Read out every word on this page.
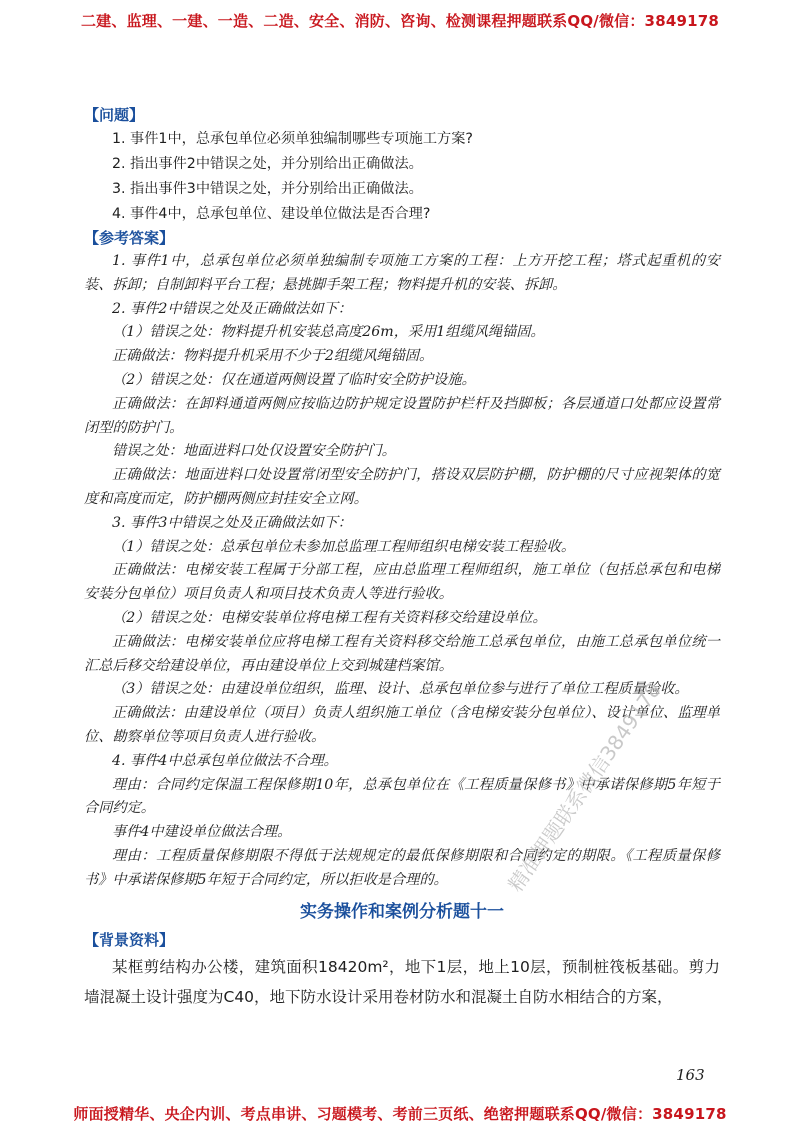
二建、监理、一建、一造、二造、安全、消防、咨询、检测课程押题联系QQ/微信：3849178
【问题】

1. 事件1中，总承包单位必须单独编制哪些专项施工方案?

2. 指出事件2中错误之处，并分别给出正确做法。

3. 指出事件3中错误之处，并分别给出正确做法。

4. 事件4中，总承包单位、建设单位做法是否合理?

【参考答案】

1. 事件1中，总承包单位必须单独编制专项施工方案的工程：上方开挖工程；塔式起重机的安装、拆卸；自制卸料平台工程；悬挑脚手架工程；物料提升机的安装、拆卸。

2. 事件2中错误之处及正确做法如下：

（1）错误之处：物料提升机安装总高度26m，采用1组缆风绳锚固。

正确做法：物料提升机采用不少于2组缆风绳锚固。

（2）错误之处：仅在通道两侧设置了临时安全防护设施。

正确做法：在卸料通道两侧应按临边防护规定设置防护栏杆及挡脚板；各层通道口处都应设置常闭型的防护门。

错误之处：地面进料口处仅设置安全防护门。

正确做法：地面进料口处设置常闭型安全防护门，搭设双层防护棚，防护棚的尺寸应视架体的宽度和高度而定，防护棚两侧应封挂安全立网。

3. 事件3中错误之处及正确做法如下：

（1）错误之处：总承包单位未参加总监理工程师组织电梯安装工程验收。

正确做法：电梯安装工程属于分部工程，应由总监理工程师组织，施工单位（包括总承包和电梯安装分包单位）项目负责人和项目技术负责人等进行验收。

（2）错误之处：电梯安装单位将电梯工程有关资料移交给建设单位。

正确做法：电梯安装单位应将电梯工程有关资料移交给施工总承包单位，由施工总承包单位统一汇总后移交给建设单位，再由建设单位上交到城建档案馆。

（3）错误之处：由建设单位组织，监理、设计、总承包单位参与进行了单位工程质量验收。

正确做法：由建设单位（项目）负责人组织施工单位（含电梯安装分包单位）、设计单位、监理单位、勘察单位等项目负责人进行验收。

4. 事件4中总承包单位做法不合理。

理由：合同约定保温工程保修期10年，总承包单位在《工程质量保修书》中承诺保修期5年短于合同约定。

事件4中建设单位做法合理。

理由：工程质量保修期限不得低于法规规定的最低保修期限和合同约定的期限。《工程质量保修书》中承诺保修期5年短于合同约定，所以拒收是合理的。

实务操作和案例分析题十一
【背景资料】

某框剪结构办公楼，建筑面积18420m²，地下1层，地上10层，预制桩筏板基础。剪力墙混凝土设计强度为C40，地下防水设计采用卷材防水和混凝土自防水相结合的方案，

精准押题联系微信3849178
163
师面授精华、央企内训、考点串讲、习题模考、考前三页纸、绝密押题联系QQ/微信：3849178
